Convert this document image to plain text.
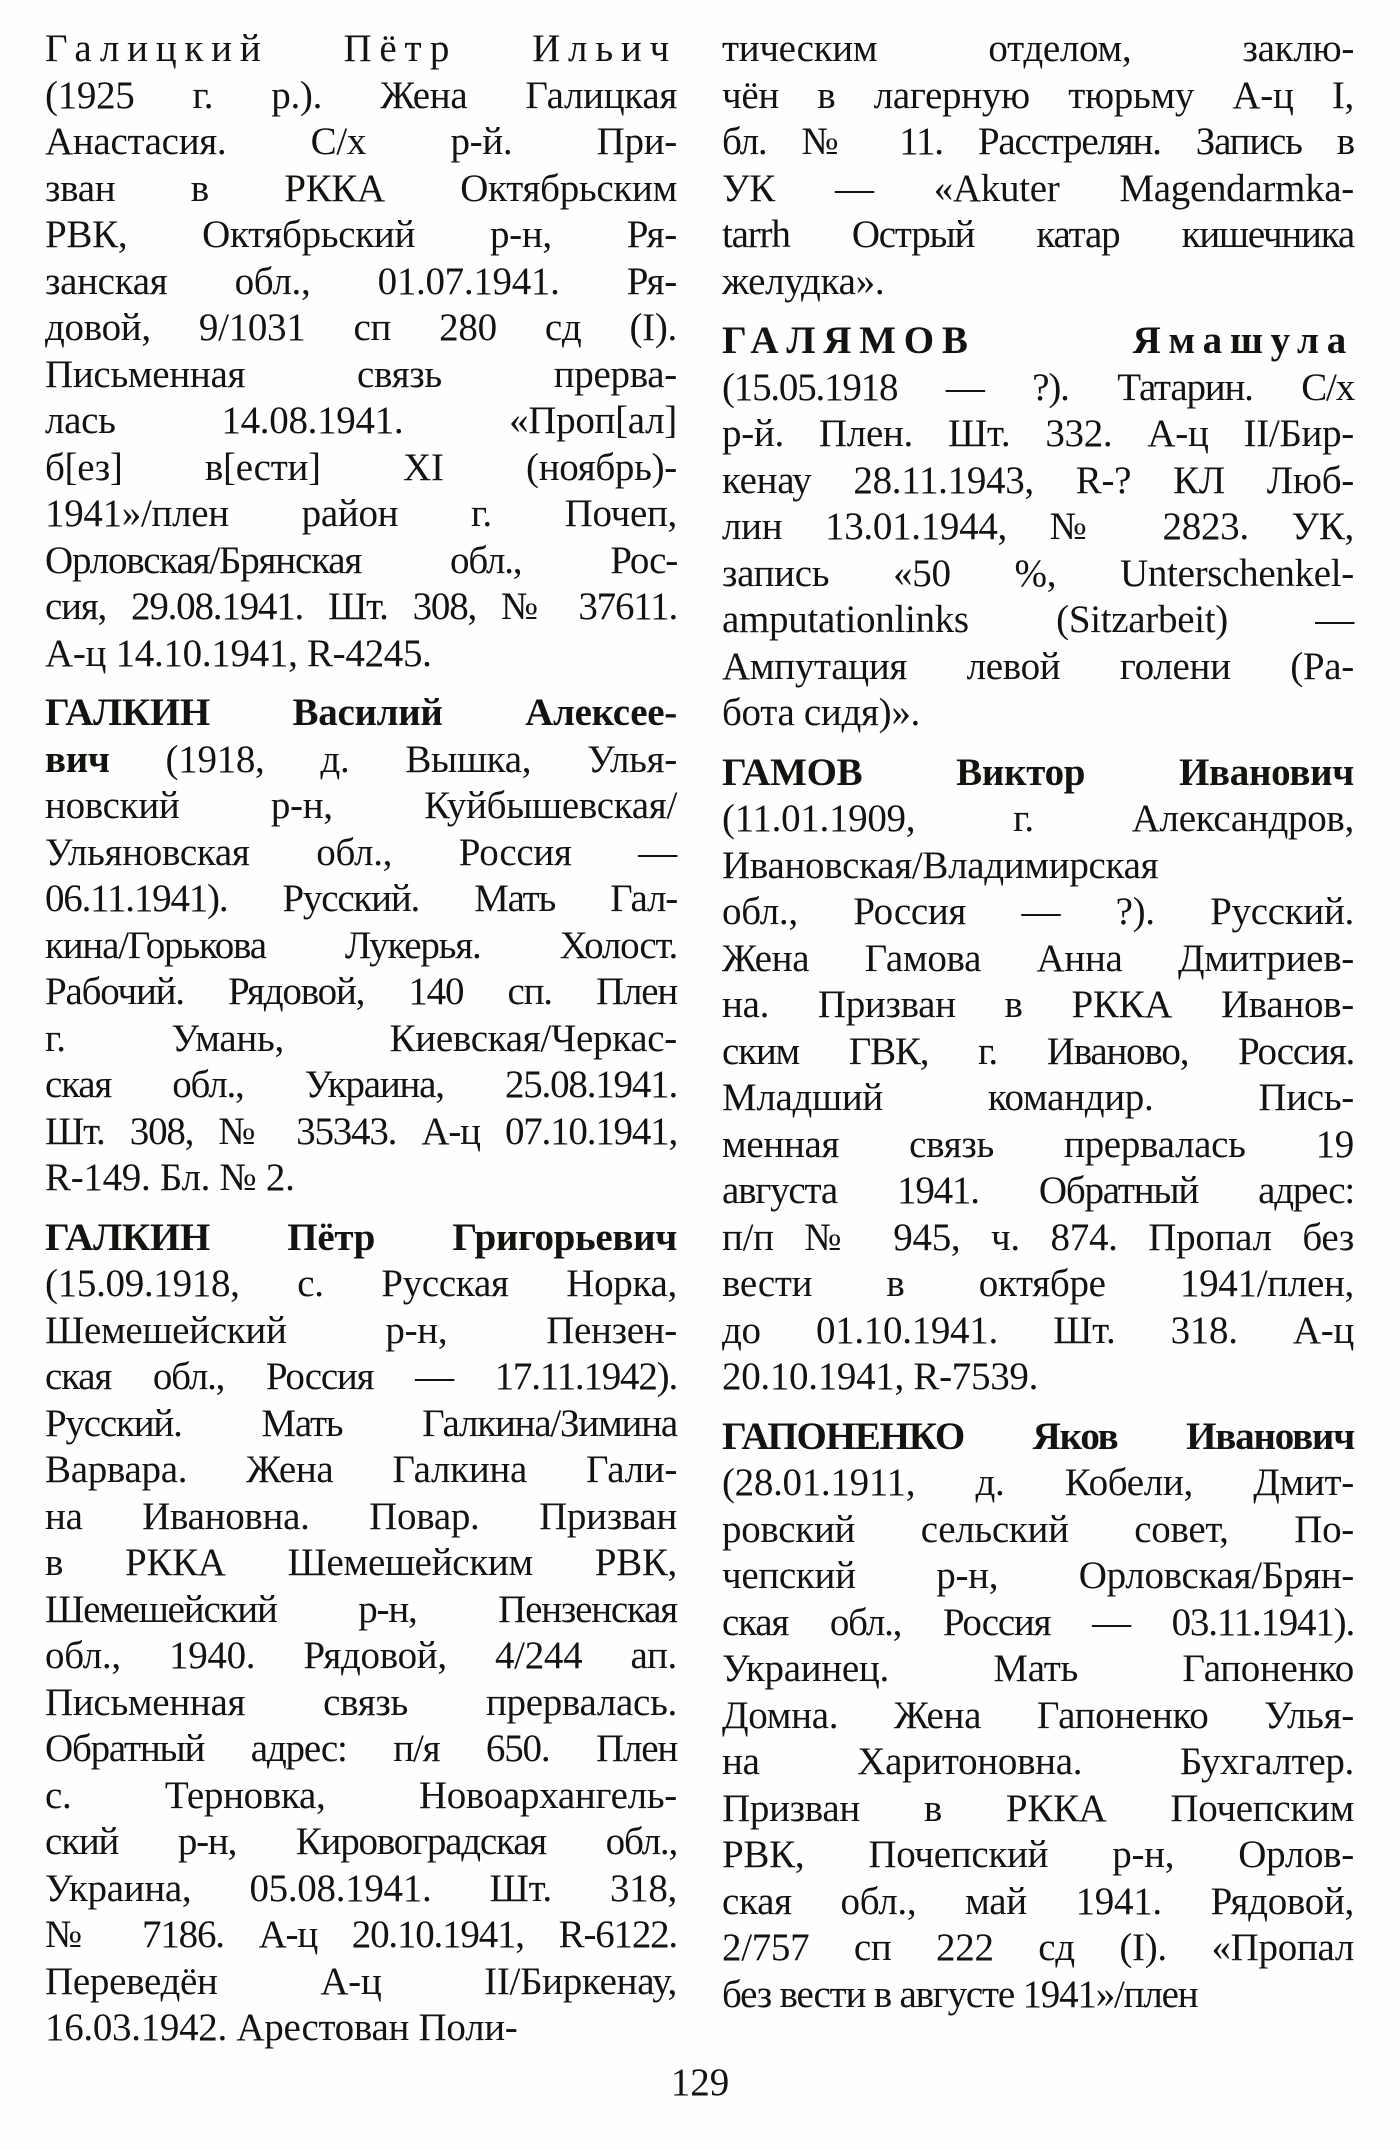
Галицкий Пётр Ильич
(1925 г. р.). Жена Галицкая
Анастасия. С/х р-й. При-
зван в РККА Октябрьским
РВК, Октябрьский р-н, Ря-
занская обл., 01.07.1941. Ря-
довой, 9/1031 сп 280 сд (I).
Письменная связь прерва-
лась 14.08.1941. «Проп[ал]
б[ез] в[ести] XI (ноябрь)-
1941»/плен район г. Почеп,
Орловская/Брянская обл., Рос-
сия, 29.08.1941. Шт. 308, № 37611.
А-ц 14.10.1941, R-4245.
ГАЛКИН Василий Алексее-
вич (1918, д. Вышка, Улья-
новский р-н, Куйбышевская/
Ульяновская обл., Россия —
06.11.1941). Русский. Мать Гал-
кина/Горькова Лукерья. Холост.
Рабочий. Рядовой, 140 сп. Плен
г. Умань, Киевская/Черкас-
ская обл., Украина, 25.08.1941.
Шт. 308, № 35343. А-ц 07.10.1941,
R-149. Бл. № 2.
ГАЛКИН Пётр Григорьевич
(15.09.1918, с. Русская Норка,
Шемешейский р-н, Пензен-
ская обл., Россия — 17.11.1942).
Русский. Мать Галкина/Зимина
Варвара. Жена Галкина Гали-
на Ивановна. Повар. Призван
в РККА Шемешейским РВК,
Шемешейский р-н, Пензенская
обл., 1940. Рядовой, 4/244 ап.
Письменная связь прервалась.
Обратный адрес: п/я 650. Плен
с. Терновка, Новоархангель-
ский р-н, Кировоградская обл.,
Украина, 05.08.1941. Шт. 318,
№ 7186. А-ц 20.10.1941, R-6122.
Переведён А-ц II/Биркенау,
16.03.1942. Арестован Поли-
тическим отделом, заклю-
чён в лагерную тюрьму А-ц I,
бл. № 11. Расстрелян. Запись в
УК — «Akuter Magendarmka-
tarrh Острый катар кишечника
желудка».
ГАЛЯМОВ Ямашула
(15.05.1918 — ?). Татарин. С/х
р-й. Плен. Шт. 332. А-ц II/Бир-
кенау 28.11.1943, R-? КЛ Люб-
лин 13.01.1944, № 2823. УК,
запись «50 %, Unterschenkel-
amputationlinks (Sitzarbeit) —
Ампутация левой голени (Ра-
бота сидя)».
ГАМОВ Виктор Иванович
(11.01.1909, г. Александров,
Ивановская/Владимирская
обл., Россия — ?). Русский.
Жена Гамова Анна Дмитриев-
на. Призван в РККА Иванов-
ским ГВК, г. Иваново, Россия.
Младший командир. Пись-
менная связь прервалась 19
августа 1941. Обратный адрес:
п/п № 945, ч. 874. Пропал без
вести в октябре 1941/плен,
до 01.10.1941. Шт. 318. А-ц
20.10.1941, R-7539.
ГАПОНЕНКО Яков Иванович
(28.01.1911, д. Кобели, Дмит-
ровский сельский совет, По-
чепский р-н, Орловская/Брян-
ская обл., Россия — 03.11.1941).
Украинец. Мать Гапоненко
Домна. Жена Гапоненко Улья-
на Харитоновна. Бухгалтер.
Призван в РККА Почепским
РВК, Почепский р-н, Орлов-
ская обл., май 1941. Рядовой,
2/757 сп 222 сд (I). «Пропал
без вести в августе 1941»/плен
129
